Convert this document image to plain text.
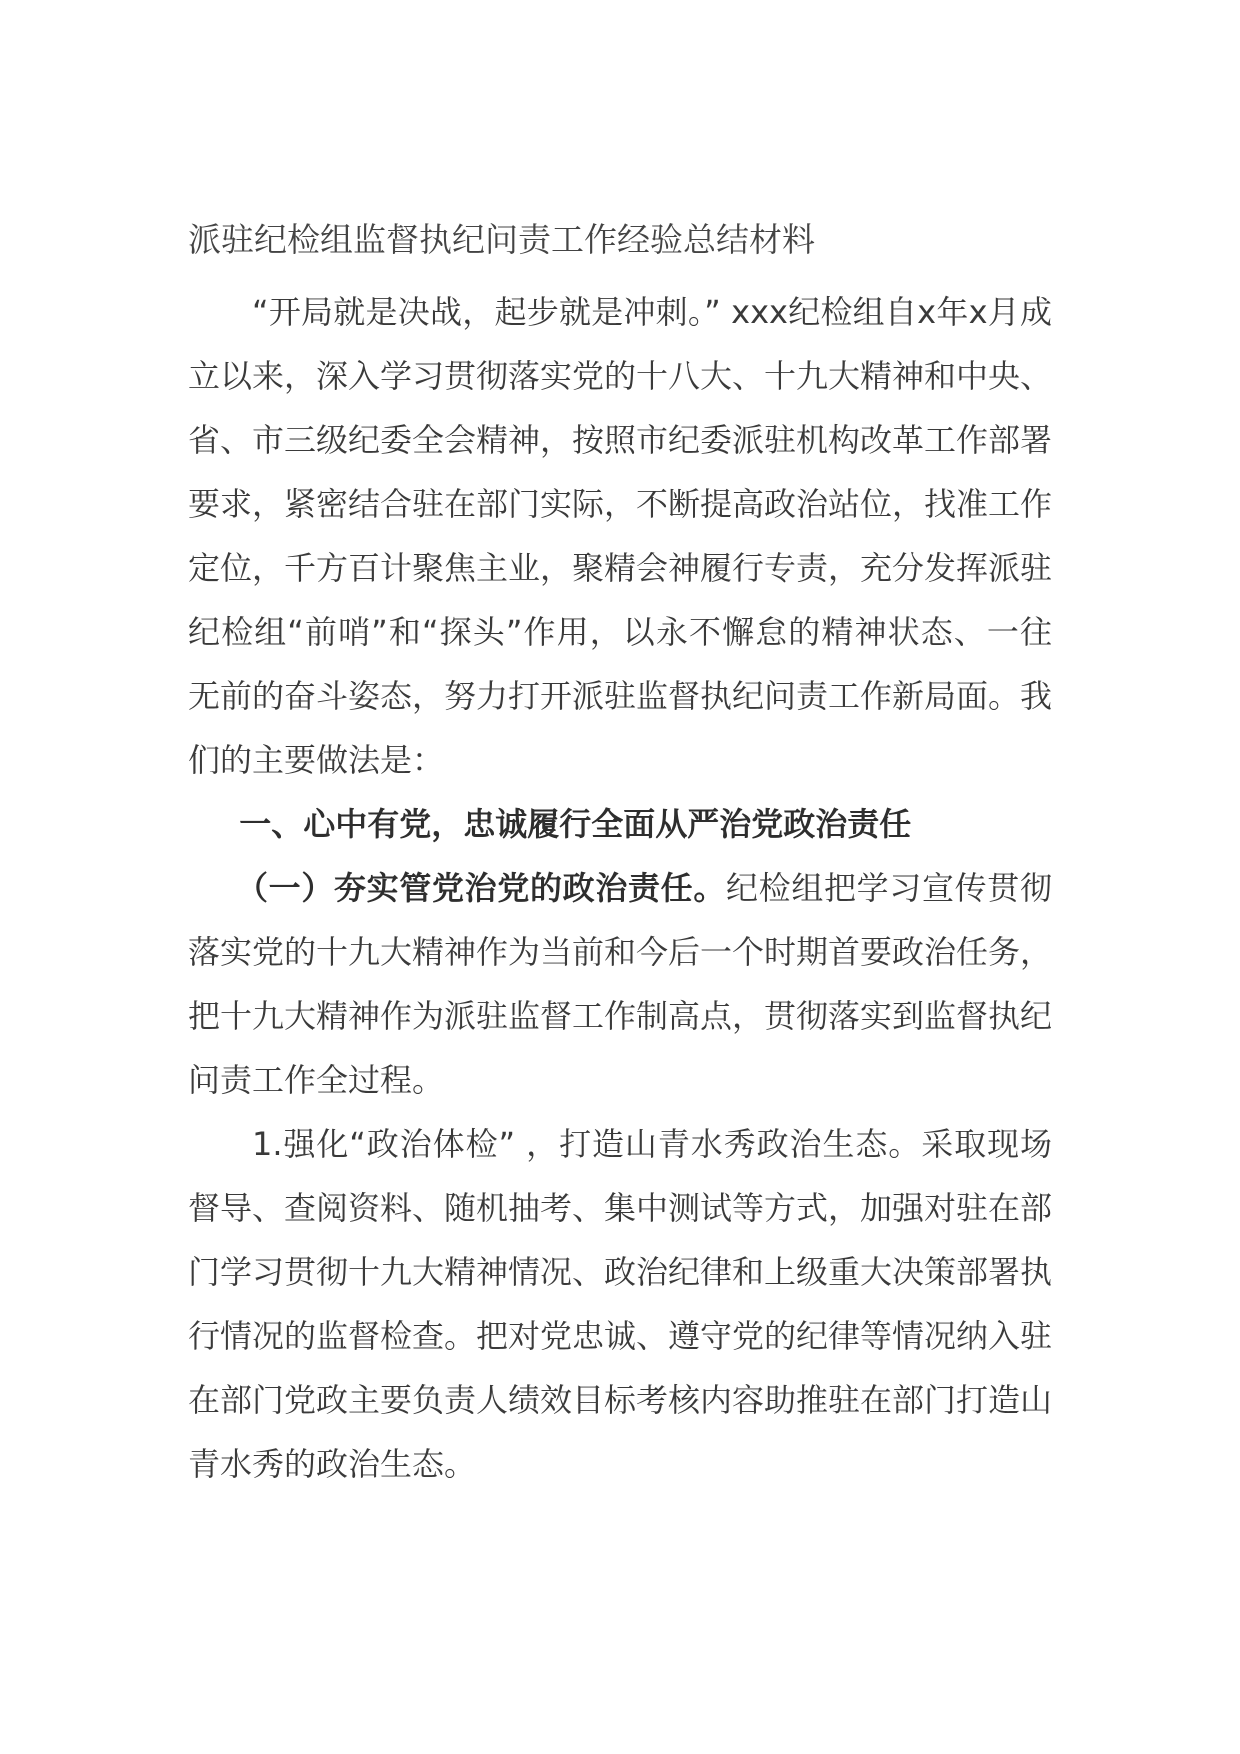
派驻纪检组监督执纪问责工作经验总结材料

“开局就是决战，起步就是冲刺。” xxx纪检组自x年x月成立以来，深入学习贯彻落实党的十八大、十九大精神和中央、省、市三级纪委全会精神，按照市纪委派驻机构改革工作部署要求，紧密结合驻在部门实际，不断提高政治站位，找准工作定位，千方百计聚焦主业，聚精会神履行专责，充分发挥派驻纪检组“前哨”和“探头”作用，以永不懈怠的精神状态、一往无前的奋斗姿态，努力打开派驻监督执纪问责工作新局面。我们的主要做法是：

一、心中有党，忠诚履行全面从严治党政治责任

（一）夯实管党治党的政治责任。纪检组把学习宣传贯彻落实党的十九大精神作为当前和今后一个时期首要政治任务，把十九大精神作为派驻监督工作制高点，贯彻落实到监督执纪问责工作全过程。

1.强化“政治体检” ，打造山青水秀政治生态。采取现场督导、查阅资料、随机抽考、集中测试等方式，加强对驻在部门学习贯彻十九大精神情况、政治纪律和上级重大决策部署执行情况的监督检查。把对党忠诚、遵守党的纪律等情况纳入驻在部门党政主要负责人绩效目标考核内容助推驻在部门打造山青水秀的政治生态。
